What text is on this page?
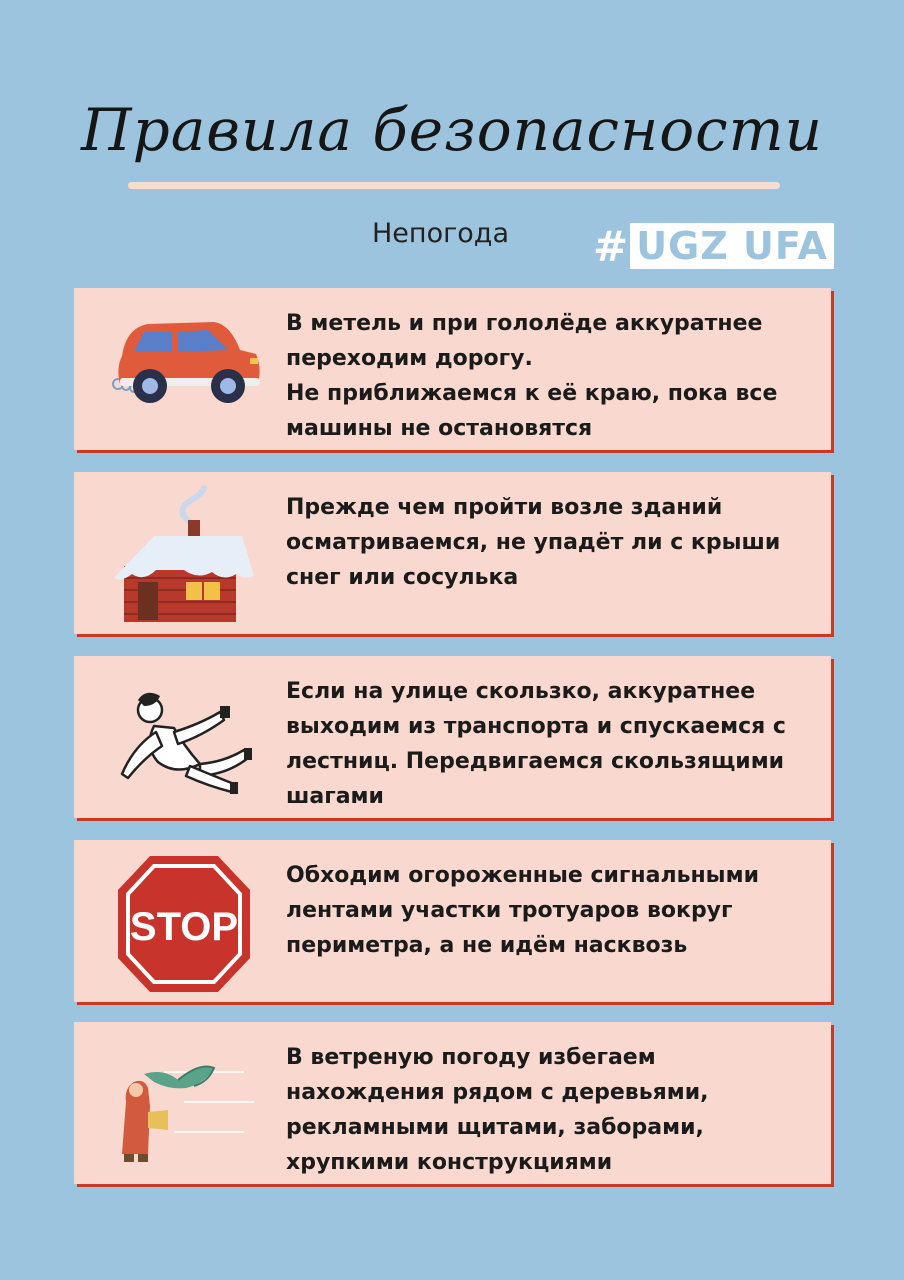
Правила безопасности
Непогода # UGZ UFA
В метель и при гололёде аккуратнее переходим дорогу.
Не приближаемся к её краю, пока все машины не остановятся
Прежде чем пройти возле зданий осматриваемся, не упадёт ли с крыши снег или сосулька
Если на улице скользко, аккуратнее выходим из транспорта и спускаемся с лестниц. Передвигаемся скользящими шагами
STOP
Обходим огороженные сигнальными лентами участки тротуаров вокруг периметра, а не идём насквозь
В ветреную погоду избегаем нахождения рядом с деревьями, рекламными щитами, заборами, хрупкими конструкциями
